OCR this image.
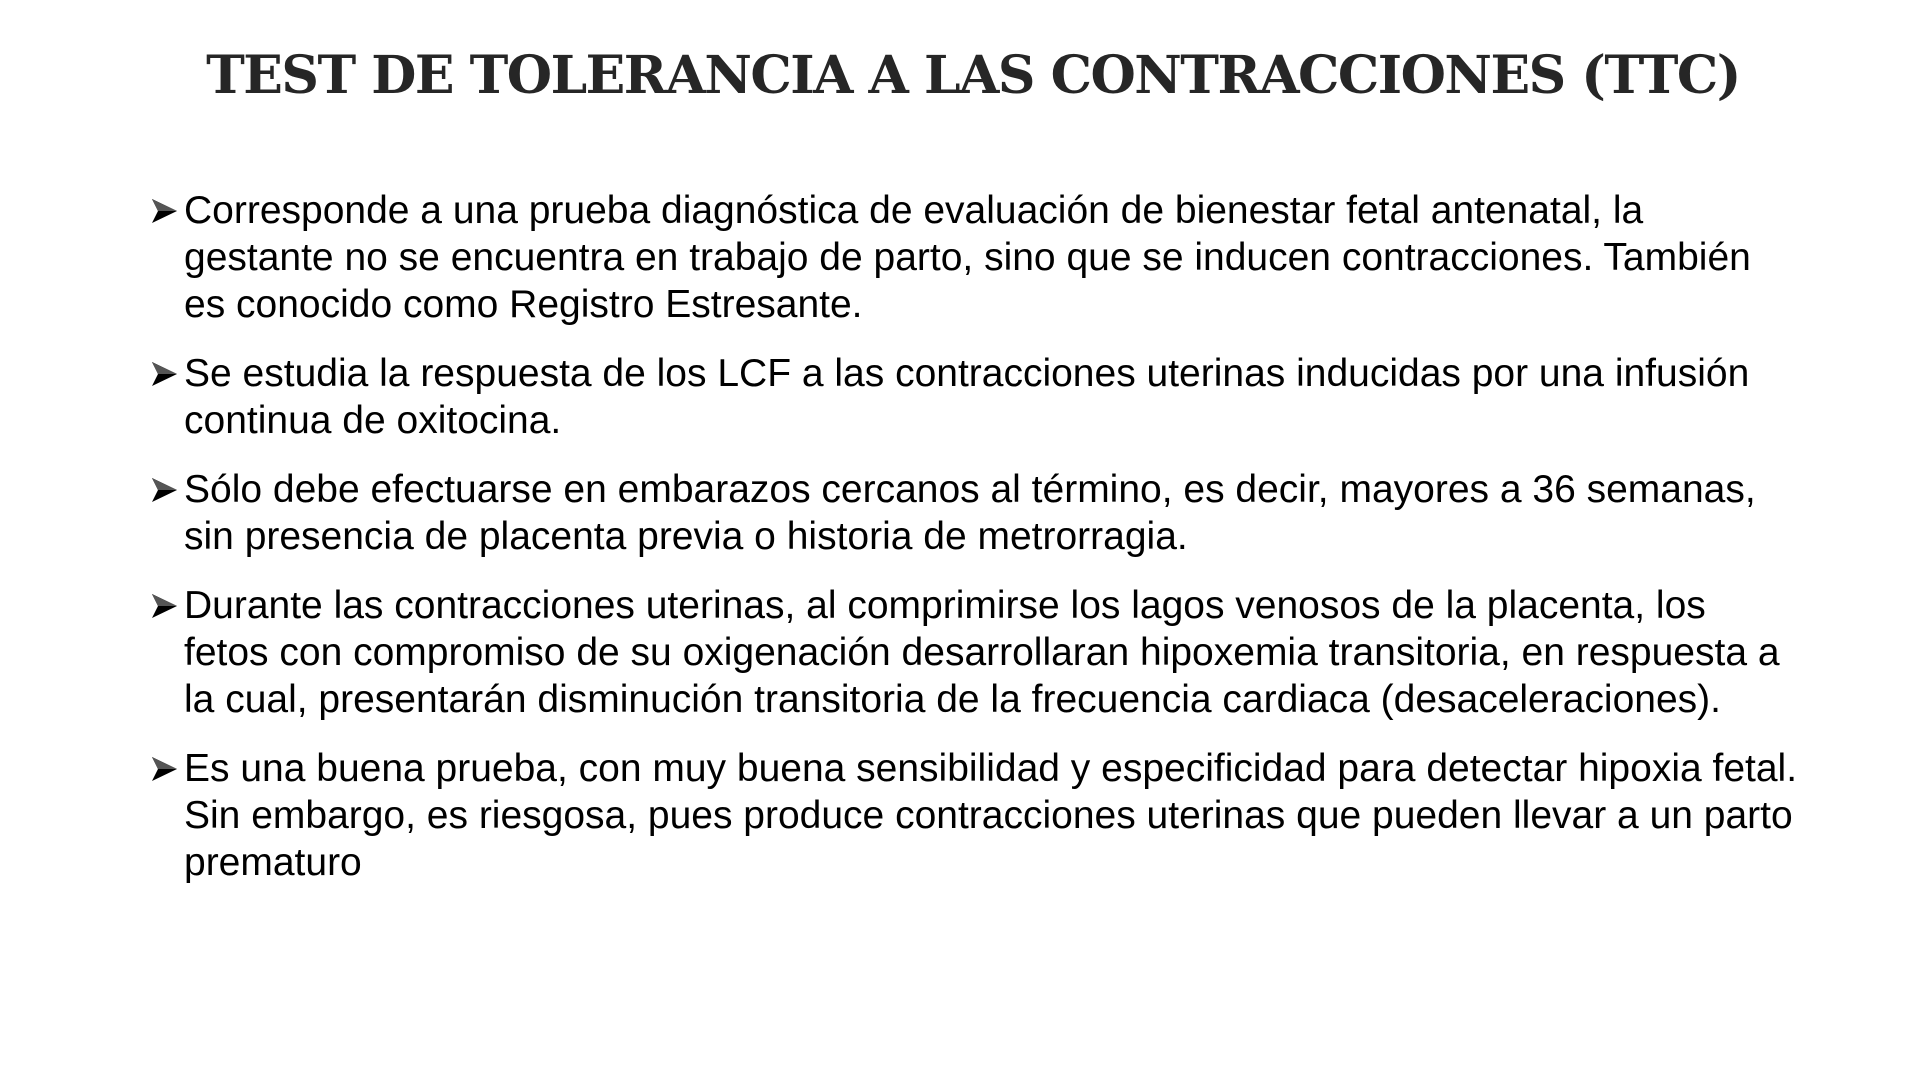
TEST DE TOLERANCIA A LAS CONTRACCIONES (TTC)
Corresponde a una prueba diagnóstica de evaluación de bienestar fetal antenatal, la gestante no se encuentra en trabajo de parto, sino que se inducen contracciones. También es conocido como Registro Estresante.
Se estudia la respuesta de los LCF a las contracciones uterinas inducidas por una infusión continua de oxitocina.
Sólo debe efectuarse en embarazos cercanos al término, es decir, mayores a 36 semanas, sin presencia de placenta previa o historia de metrorragia.
Durante las contracciones uterinas, al comprimirse los lagos venosos de la placenta, los fetos con compromiso de su oxigenación desarrollaran hipoxemia transitoria, en respuesta a la cual, presentarán disminución transitoria de la frecuencia cardiaca (desaceleraciones).
Es una buena prueba, con muy buena sensibilidad y especificidad para detectar hipoxia fetal. Sin embargo, es riesgosa, pues produce contracciones uterinas que pueden llevar a un parto prematuro
